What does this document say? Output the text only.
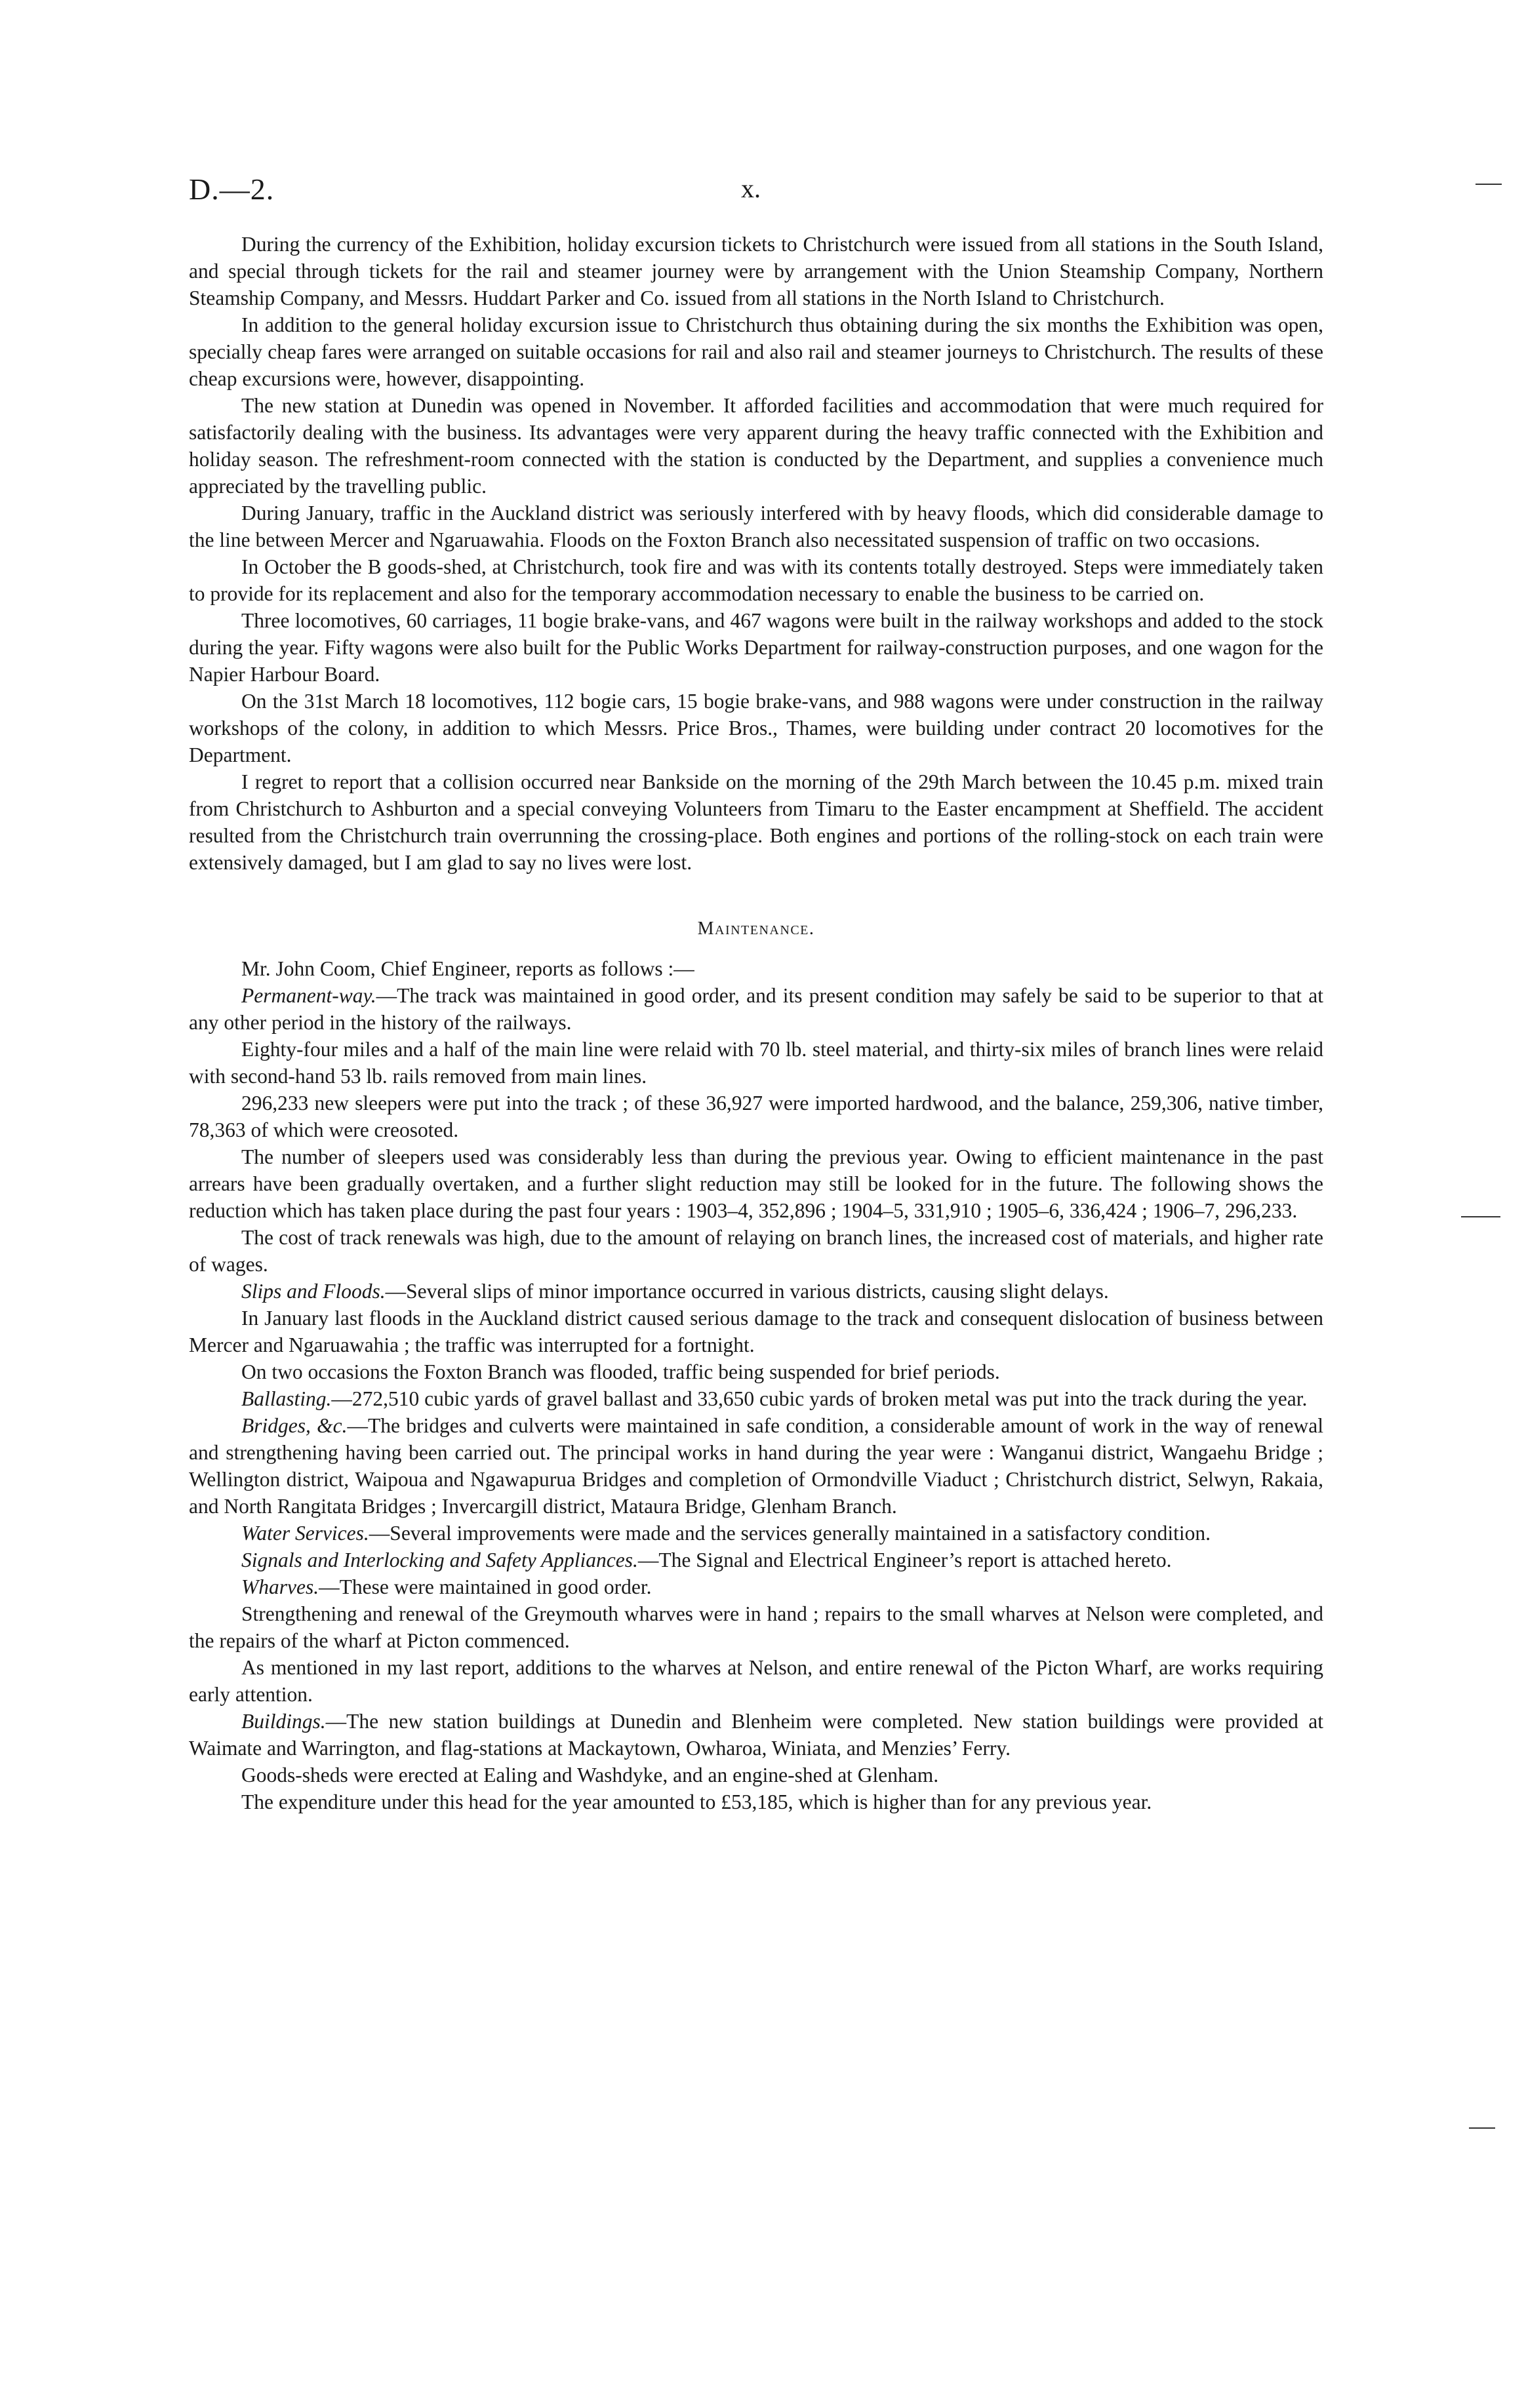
D.—2.	x.

During the currency of the Exhibition, holiday excursion tickets to Christchurch were issued from all stations in the South Island, and special through tickets for the rail and steamer journey were by arrangement with the Union Steamship Company, Northern Steamship Company, and Messrs. Huddart Parker and Co. issued from all stations in the North Island to Christchurch.

In addition to the general holiday excursion issue to Christchurch thus obtaining during the six months the Exhibition was open, specially cheap fares were arranged on suitable occasions for rail and also rail and steamer journeys to Christchurch. The results of these cheap excursions were, however, disappointing.

The new station at Dunedin was opened in November. It afforded facilities and accommodation that were much required for satisfactorily dealing with the business. Its advantages were very apparent during the heavy traffic connected with the Exhibition and holiday season. The refreshment-room connected with the station is conducted by the Department, and supplies a convenience much appreciated by the travelling public.

During January, traffic in the Auckland district was seriously interfered with by heavy floods, which did considerable damage to the line between Mercer and Ngaruawahia. Floods on the Foxton Branch also necessitated suspension of traffic on two occasions.

In October the B goods-shed, at Christchurch, took fire and was with its contents totally destroyed. Steps were immediately taken to provide for its replacement and also for the temporary accommodation necessary to enable the business to be carried on.

Three locomotives, 60 carriages, 11 bogie brake-vans, and 467 wagons were built in the railway workshops and added to the stock during the year. Fifty wagons were also built for the Public Works Department for railway-construction purposes, and one wagon for the Napier Harbour Board.

On the 31st March 18 locomotives, 112 bogie cars, 15 bogie brake-vans, and 988 wagons were under construction in the railway workshops of the colony, in addition to which Messrs. Price Bros., Thames, were building under contract 20 locomotives for the Department.

I regret to report that a collision occurred near Bankside on the morning of the 29th March between the 10.45 p.m. mixed train from Christchurch to Ashburton and a special conveying Volunteers from Timaru to the Easter encampment at Sheffield. The accident resulted from the Christchurch train overrunning the crossing-place. Both engines and portions of the rolling-stock on each train were extensively damaged, but I am glad to say no lives were lost.

Maintenance.

Mr. John Coom, Chief Engineer, reports as follows :—

Permanent-way.—The track was maintained in good order, and its present condition may safely be said to be superior to that at any other period in the history of the railways.

Eighty-four miles and a half of the main line were relaid with 70 lb. steel material, and thirty-six miles of branch lines were relaid with second-hand 53 lb. rails removed from main lines.

296,233 new sleepers were put into the track ; of these 36,927 were imported hardwood, and the balance, 259,306, native timber, 78,363 of which were creosoted.

The number of sleepers used was considerably less than during the previous year. Owing to efficient maintenance in the past arrears have been gradually overtaken, and a further slight reduction may still be looked for in the future. The following shows the reduction which has taken place during the past four years : 1903–4, 352,896 ; 1904–5, 331,910 ; 1905–6, 336,424 ; 1906–7, 296,233.

The cost of track renewals was high, due to the amount of relaying on branch lines, the increased cost of materials, and higher rate of wages.

Slips and Floods.—Several slips of minor importance occurred in various districts, causing slight delays.

In January last floods in the Auckland district caused serious damage to the track and consequent dislocation of business between Mercer and Ngaruawahia ; the traffic was interrupted for a fortnight.

On two occasions the Foxton Branch was flooded, traffic being suspended for brief periods.

Ballasting.—272,510 cubic yards of gravel ballast and 33,650 cubic yards of broken metal was put into the track during the year.

Bridges, &c.—The bridges and culverts were maintained in safe condition, a considerable amount of work in the way of renewal and strengthening having been carried out. The principal works in hand during the year were : Wanganui district, Wangaehu Bridge ; Wellington district, Waipoua and Ngawapurua Bridges and completion of Ormondville Viaduct ; Christchurch district, Selwyn, Rakaia, and North Rangitata Bridges ; Invercargill district, Mataura Bridge, Glenham Branch.

Water Services.—Several improvements were made and the services generally maintained in a satisfactory condition.

Signals and Interlocking and Safety Appliances.—The Signal and Electrical Engineer’s report is attached hereto.

Wharves.—These were maintained in good order.

Strengthening and renewal of the Greymouth wharves were in hand ; repairs to the small wharves at Nelson were completed, and the repairs of the wharf at Picton commenced.

As mentioned in my last report, additions to the wharves at Nelson, and entire renewal of the Picton Wharf, are works requiring early attention.

Buildings.—The new station buildings at Dunedin and Blenheim were completed. New station buildings were provided at Waimate and Warrington, and flag-stations at Mackaytown, Owharoa, Winiata, and Menzies’ Ferry.

Goods-sheds were erected at Ealing and Washdyke, and an engine-shed at Glenham.

The expenditure under this head for the year amounted to £53,185, which is higher than for any previous year.
